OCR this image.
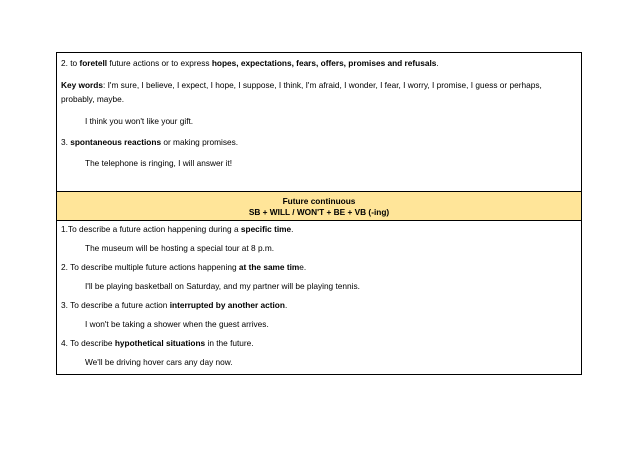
2. to foretell future actions or to express hopes, expectations, fears, offers, promises and refusals.

Key words: I'm sure, I believe, I expect, I hope, I suppose, I think, I'm afraid, I wonder, I fear, I worry, I promise, I guess or perhaps, probably, maybe.

I think you won't like your gift.

3. spontaneous reactions or making promises.

The telephone is ringing, I will answer it!

Future continuous
SB + WILL / WON'T + BE + VB (-ing)

1.To describe a future action happening during a specific time.

The museum will be hosting a special tour at 8 p.m.

2. To describe multiple future actions happening at the same time.

I'll be playing basketball on Saturday, and my partner will be playing tennis.

3. To describe a future action interrupted by another action.

I won't be taking a shower when the guest arrives.

4. To describe hypothetical situations in the future.

We'll be driving hover cars any day now.
